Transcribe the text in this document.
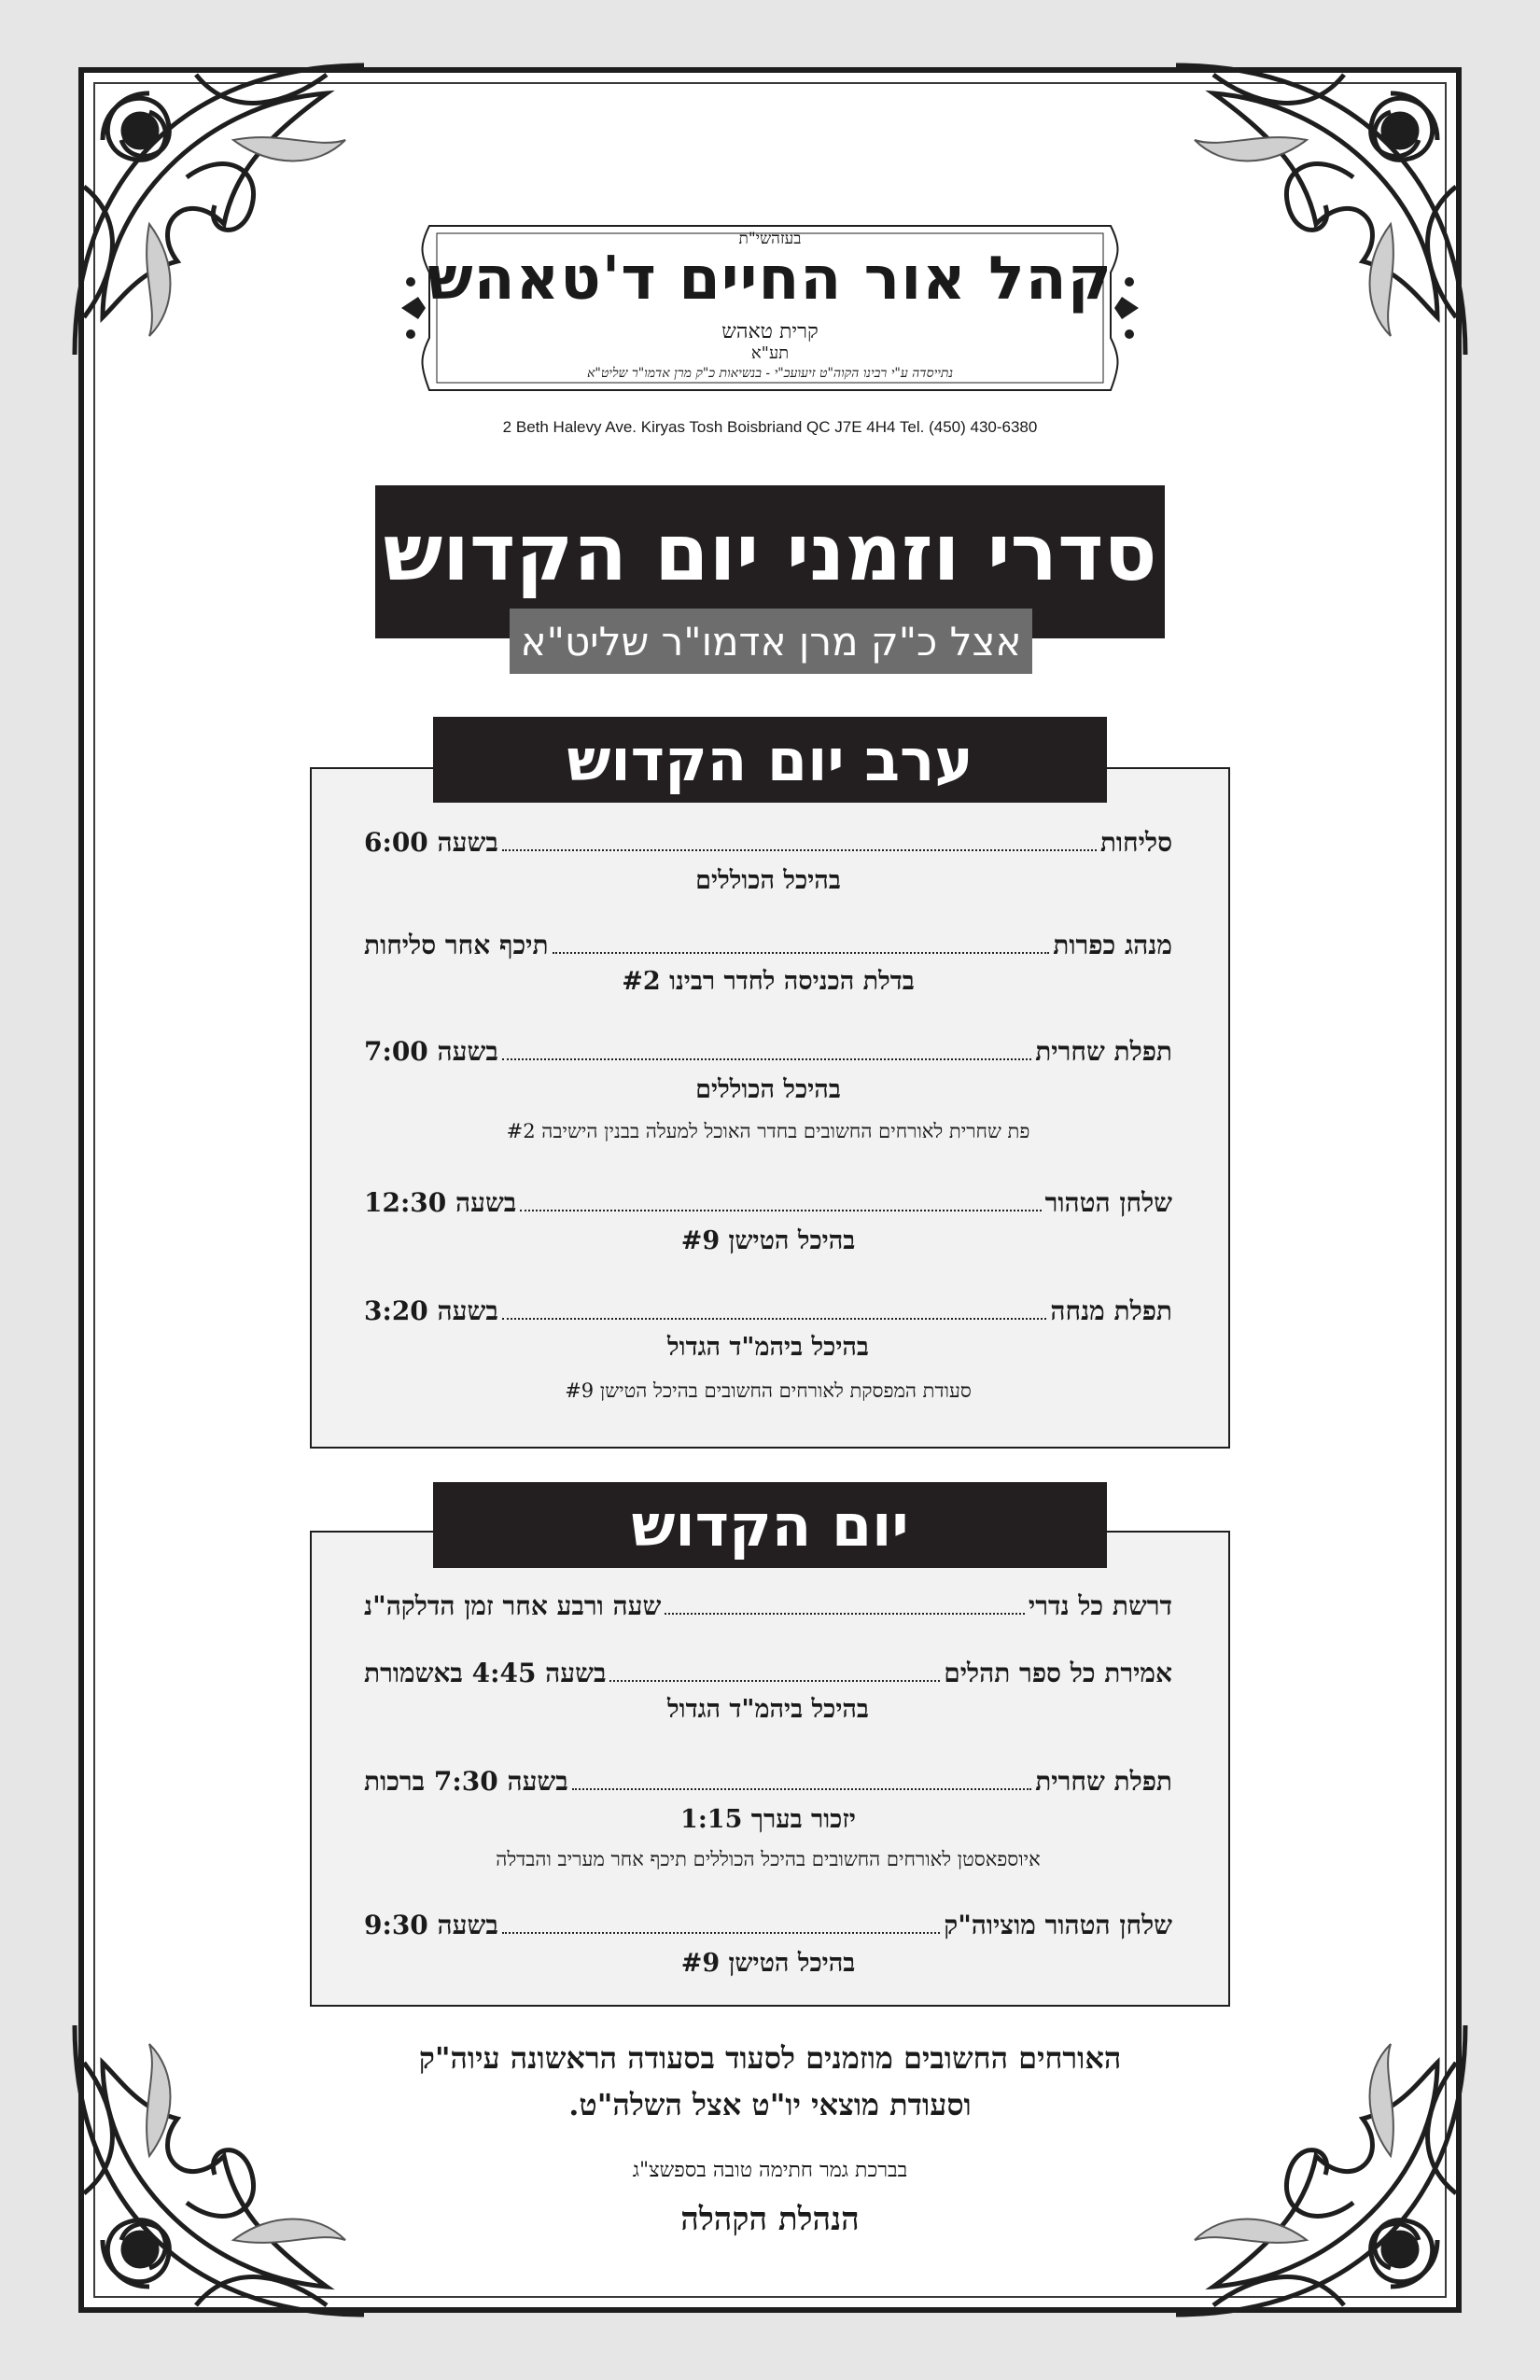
בעזהשי"ת
קהל אור החיים ד'טאהש
קרית טאהש
תע"א
נתייסדה ע"י רבינו הקוה"ט זיעועכ"י - בנשיאות כ"ק מרן אדמו"ר שליט"א
2 Beth Halevy Ave. Kiryas Tosh Boisbriand QC J7E 4H4 Tel. (450) 430-6380
סדרי וזמני יום הקדוש
אצל כ"ק מרן אדמו"ר שליט"א
ערב יום הקדוש
סליחות
בשעה 6:00
בהיכל הכוללים
מנהג כפרות
תיכף אחר סליחות
בדלת הכניסה לחדר רבינו #2
תפלת שחרית
בשעה 7:00
בהיכל הכוללים
פת שחרית לאורחים החשובים בחדר האוכל למעלה בבנין הישיבה #2
שלחן הטהור
בשעה 12:30
בהיכל הטישן #9
תפלת מנחה
בשעה 3:20
בהיכל ביהמ"ד הגדול
סעודת המפסקת לאורחים החשובים בהיכל הטישן #9
יום הקדוש
דרשת כל נדרי
שעה ורבע אחר זמן הדלקה"נ
אמירת כל ספר תהלים
בשעה 4:45 באשמורת
בהיכל ביהמ"ד הגדול
תפלת שחרית
בשעה 7:30 ברכות
יזכור בערך 1:15
איוספאסטן לאורחים החשובים בהיכל הכוללים תיכף אחר מעריב והבדלה
שלחן הטהור מוציוה"ק
בשעה 9:30
בהיכל הטישן #9
האורחים החשובים מוזמנים לסעוד בסעודה הראשונה עיוה"ק
וסעודת מוצאי יו"ט אצל השלה"ט.
בברכת גמר חתימה טובה בספשצ"ג
הנהלת הקהלה
